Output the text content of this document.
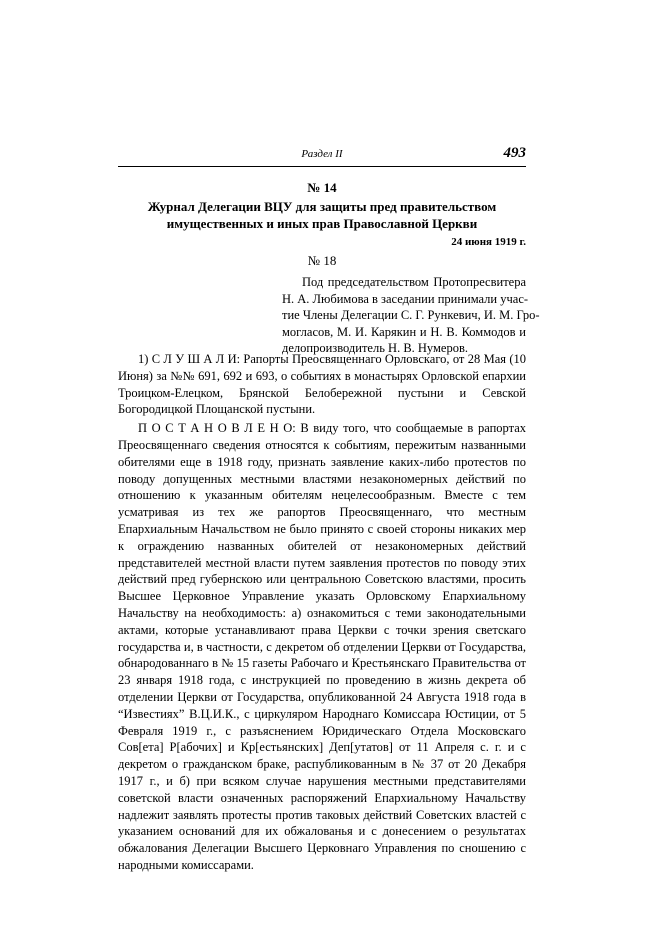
Раздел II	493
№ 14
Журнал Делегации ВЦУ для защиты пред правительством имущественных и иных прав Православной Церкви
24 июня 1919 г.
№ 18
Под председательством Протопресвитера
Н. А. Любимова в заседании принимали учас-
тие Члены Делегации С. Г. Рункевич, И. М. Гро-
могласов, М. И. Карякин и Н. В. Коммодов и
делопроизводитель Н. В. Нумеров.

1) С Л У Ш А Л И: Рапорты Преосвященнаго Орловскаго, от 28 Мая (10 Июня) за №№ 691, 692 и 693, о событиях в монастырях Орловской епархии Троицком-Елецком, Брянской Белобережной пустыни и Севской Богородицкой Площанской пустыни.

П О С Т А Н О В Л Е Н О: В виду того, что сообщаемые в рапортах Преосвященнаго сведения относятся к событиям, пережитым названными обителями еще в 1918 году, признать заявление каких-либо протестов по поводу допущенных местными властями незакономерных действий по отношению к указанным обителям нецелесообразным. Вместе с тем усматривая из тех же рапортов Преосвященнаго, что местным Епархиальным Начальством не было принято с своей стороны никаких мер к ограждению названных обителей от незакономерных действий представителей местной власти путем заявления протестов по поводу этих действий пред губернскою или центральною Советскою властями, просить Высшее Церковное Управление указать Орловскому Епархиальному Начальству на необходимость: а) ознакомиться с теми законодательными актами, которые устанавливают права Церкви с точки зрения светскаго государства и, в частности, с декретом об отделении Церкви от Государства, обнародованнаго в № 15 газеты Рабочаго и Крестьянскаго Правительства от 23 января 1918 года, с инструкцией по проведению в жизнь декрета об отделении Церкви от Государства, опубликованной 24 Августа 1918 года в “Известиях” В.Ц.И.К., с циркуляром Народнаго Комиссара Юстиции, от 5 Февраля 1919 г., с разъяснением Юридическаго Отдела Московскаго Сов[ета] Р[абочих] и Кр[естьянских] Деп[утатов] от 11 Апреля с. г. и с декретом о гражданском браке, распубликованным в № 37 от 20 Декабря 1917 г., и б) при всяком случае нарушения местными представителями советской власти означенных распоряжений Епархиальному Начальству надлежит заявлять протесты против таковых действий Советских властей с указанием оснований для их обжалованья и с донесением о результатах обжалования Делегации Высшего Церковнаго Управления по сношению с народными комиссарами.
